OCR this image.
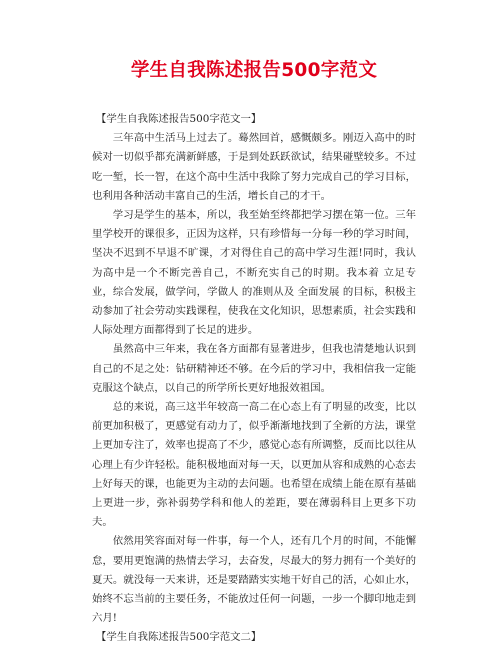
学生自我陈述报告500字范文
【学生自我陈述报告500字范文一】

三年高中生活马上过去了。蓦然回首，感慨颇多。刚迈入高中的时候对一切似乎都充满新鲜感，于是到处跃跃欲试，结果碰壁较多。不过 吃一堑，长一智，在这个高中生活中我除了努力完成自己的学习目标，也利用各种活动丰富自己的生活，增长自己的才干。

学习是学生的基本，所以，我至始至终都把学习摆在第一位。三年里学校开的课很多，正因为这样，只有珍惜每一分每一秒的学习时间，坚决不迟到不早退不旷课，才对得住自己的高中学习生涯!同时，我认为高中是一个不断完善自己，不断充实自己的时期。我本着 立足专业，综合发展，做学问，学做人 的准则从及 全面发展 的目标，积极主动参加了社会劳动实践课程，使我在文化知识，思想素质，社会实践和人际处理方面都得到了长足的进步。

虽然高中三年来，我在各方面都有显著进步，但我也清楚地认识到自己的不足之处：钻研精神还不够。在今后的学习中，我相信我一定能克服这个缺点，以自己的所学所长更好地报效祖国。

总的来说，高三这半年较高一高二在心态上有了明显的改变，比以前更加积极了，更感觉有动力了，似乎渐渐地找到了全新的方法，课堂上更加专注了，效率也提高了不少，感觉心态有所调整，反而比以往从心理上有少许轻松。能积极地面对每一天，以更加从容和成熟的心态去上好每天的课，也能更为主动的去问题。也希望在成绩上能在原有基础上更进一步，弥补弱势学科和他人的差距，要在薄弱科目上更多下功夫。

依然用笑容面对每一件事，每一个人，还有几个月的时间，不能懈怠，要用更饱满的热情去学习，去奋发，尽最大的努力拥有一个美好的夏天。就没每一天来讲，还是要踏踏实实地干好自己的活，心如止水，始终不忘当前的主要任务，不能放过任何一问题，一步一个脚印地走到六月!

【学生自我陈述报告500字范文二】
